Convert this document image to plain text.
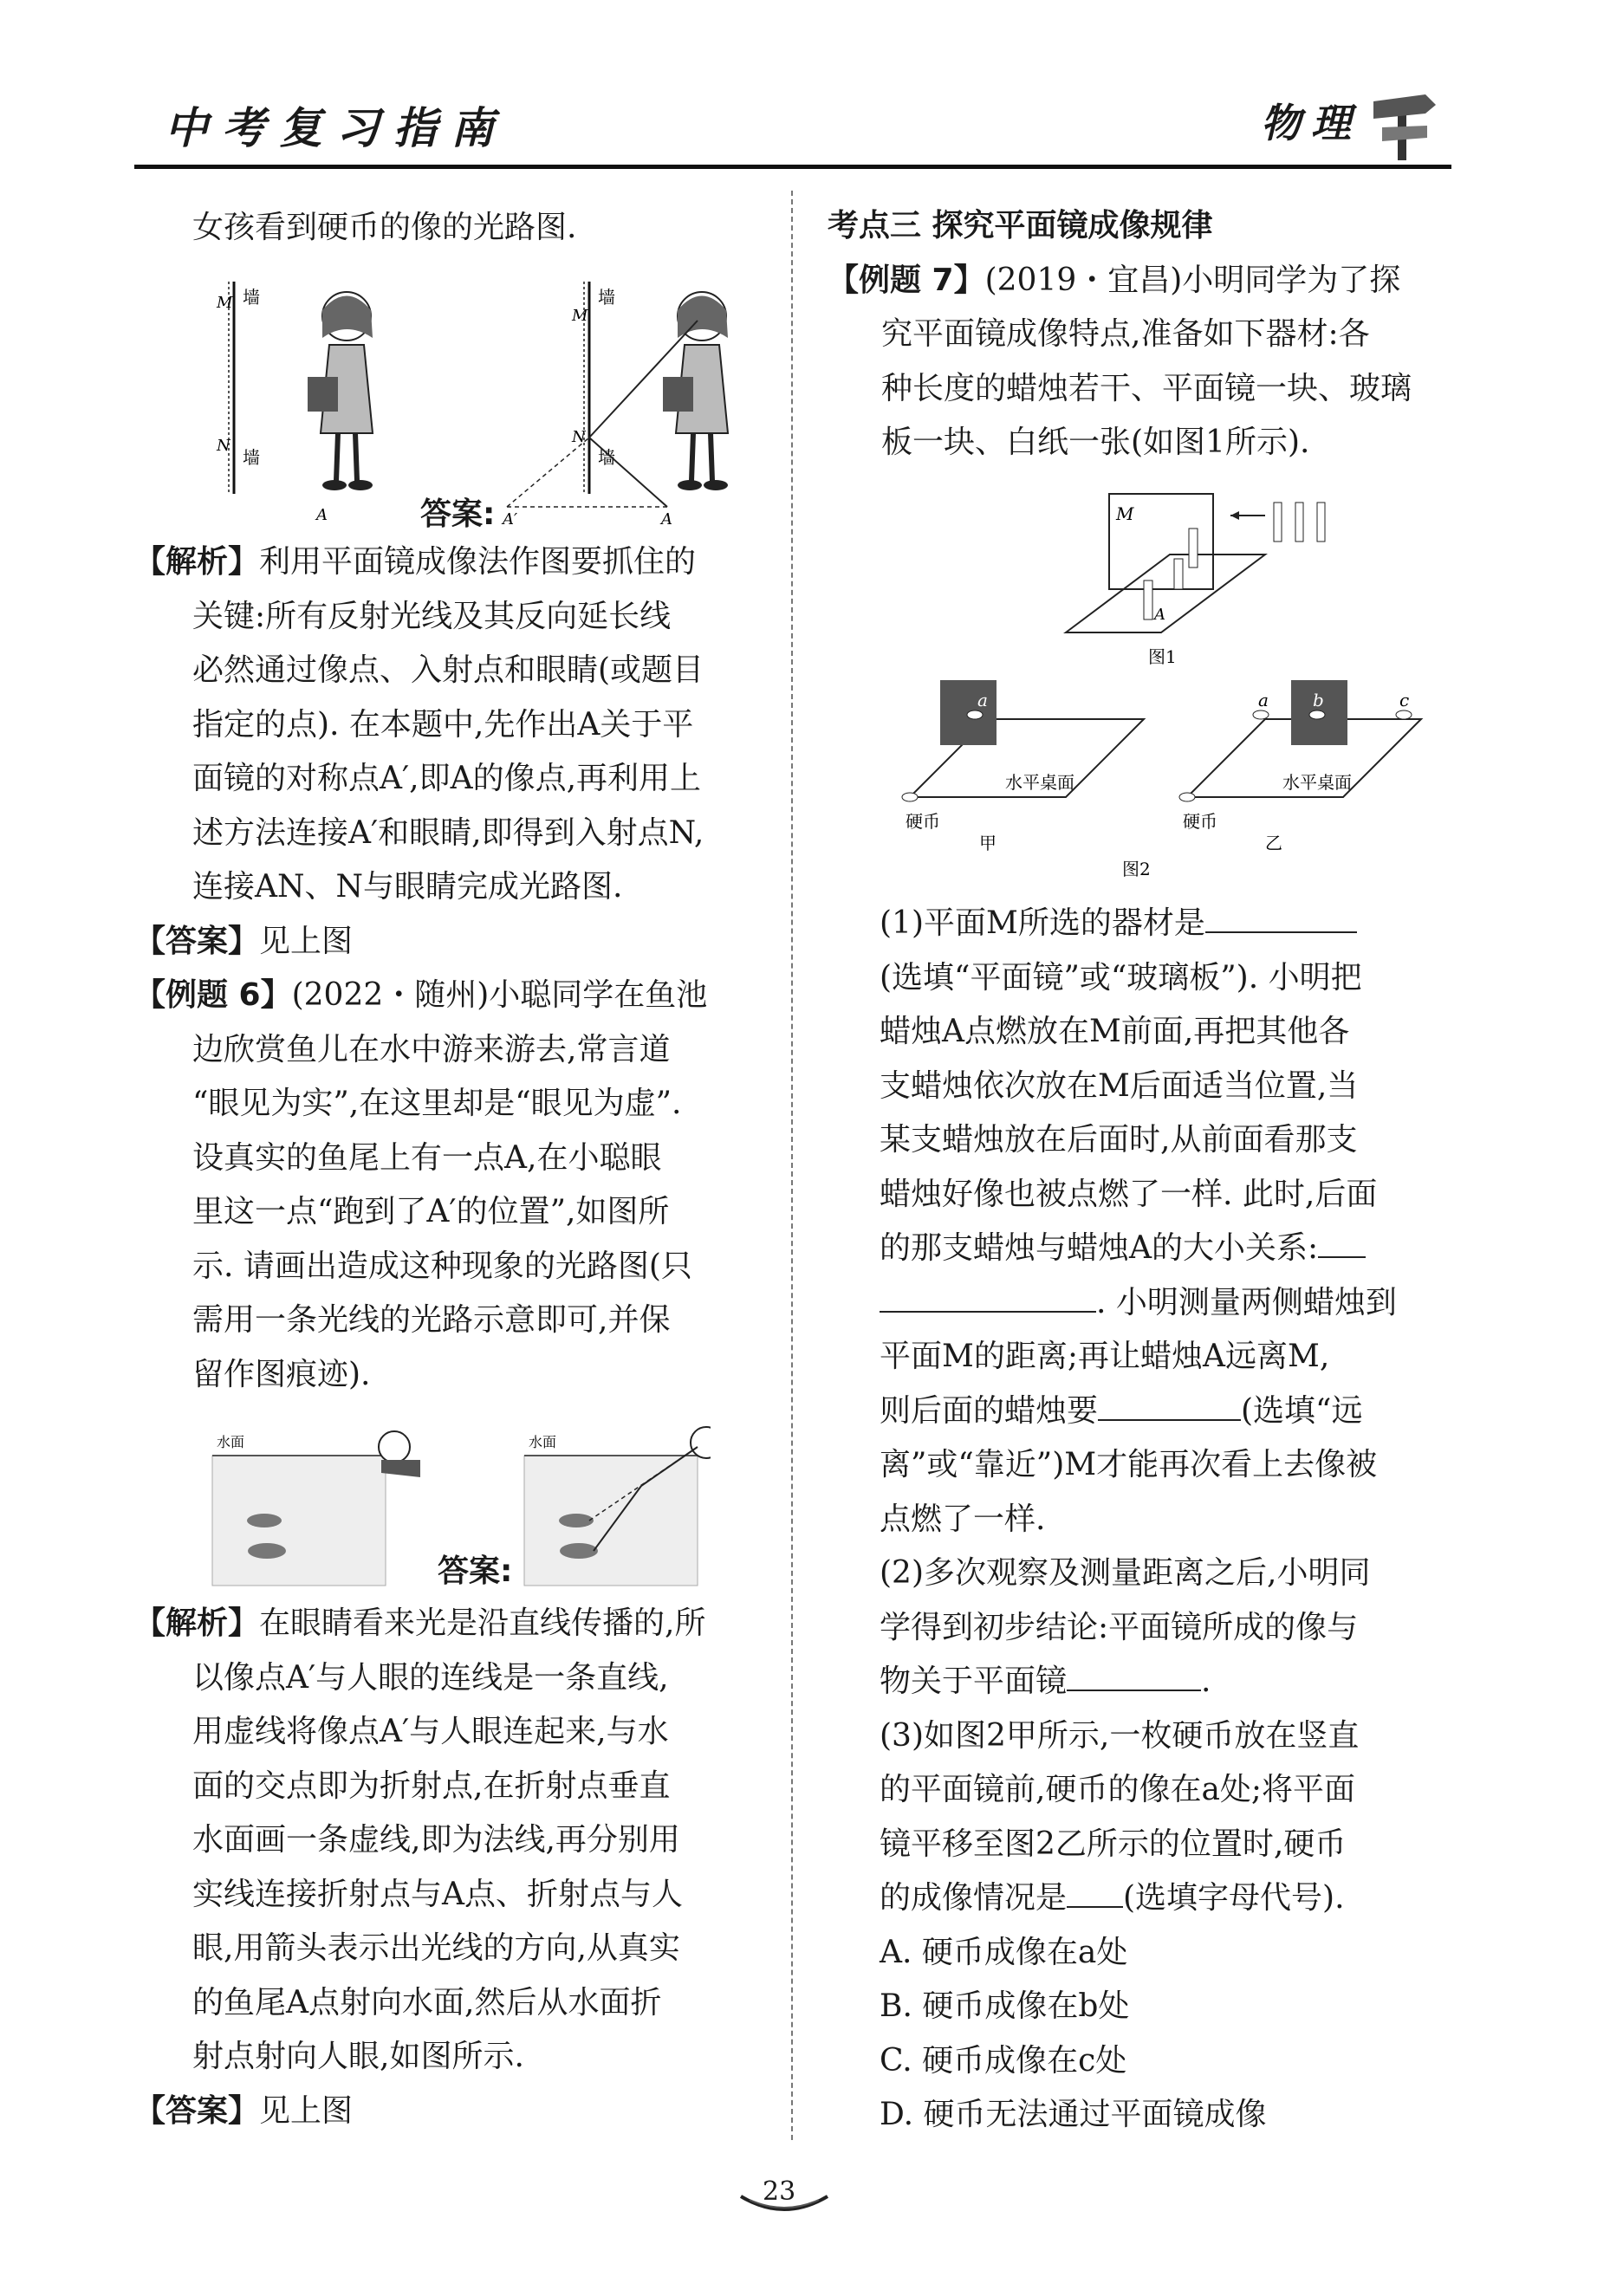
中考复习指南	物理
女孩看到硬币的像的光路图.
墙
墙
M
N
A
墙
墙
M
N
A′	A
答案:
【解析】利用平面镜成像法作图要抓住的
关键:所有反射光线及其反向延长线
必然通过像点、入射点和眼睛(或题目
指定的点). 在本题中,先作出A关于平
面镜的对称点A′,即A的像点,再利用上
述方法连接A′和眼睛,即得到入射点N,
连接AN、N与眼睛完成光路图.
【答案】见上图
【例题 6】(2022・随州)小聪同学在鱼池
边欣赏鱼儿在水中游来游去,常言道
“眼见为实”,在这里却是“眼见为虚”.
设真实的鱼尾上有一点A,在小聪眼
里这一点“跑到了A′的位置”,如图所
示. 请画出造成这种现象的光路图(只
需用一条光线的光路示意即可,并保
留作图痕迹).
水面	水面
答案:
【解析】在眼睛看来光是沿直线传播的,所
以像点A′与人眼的连线是一条直线,
用虚线将像点A′与人眼连起来,与水
面的交点即为折射点,在折射点垂直
水面画一条虚线,即为法线,再分别用
实线连接折射点与A点、折射点与人
眼,用箭头表示出光线的方向,从真实
的鱼尾A点射向水面,然后从水面折
射点射向人眼,如图所示.
【答案】见上图
考点三 探究平面镜成像规律
【例题 7】(2019・宜昌)小明同学为了探
究平面镜成像特点,准备如下器材:各
种长度的蜡烛若干、平面镜一块、玻璃
板一块、白纸一张(如图1所示).
M
A
图1
a
水平桌面
硬币
甲
a	b	c
水平桌面
硬币
乙
图2
(1)平面M所选的器材是
(选填“平面镜”或“玻璃板”). 小明把
蜡烛A点燃放在M前面,再把其他各
支蜡烛依次放在M后面适当位置,当
某支蜡烛放在后面时,从前面看那支
蜡烛好像也被点燃了一样. 此时,后面
的那支蜡烛与蜡烛A的大小关系:
. 小明测量两侧蜡烛到
平面M的距离;再让蜡烛A远离M,
则后面的蜡烛要	(选填“远
离”或“靠近”)M才能再次看上去像被
点燃了一样.
(2)多次观察及测量距离之后,小明同
学得到初步结论:平面镜所成的像与
物关于平面镜	.
(3)如图2甲所示,一枚硬币放在竖直
的平面镜前,硬币的像在a处;将平面
镜平移至图2乙所示的位置时,硬币
的成像情况是 (选填字母代号).
A. 硬币成像在a处
B. 硬币成像在b处
C. 硬币成像在c处
D. 硬币无法通过平面镜成像
23
